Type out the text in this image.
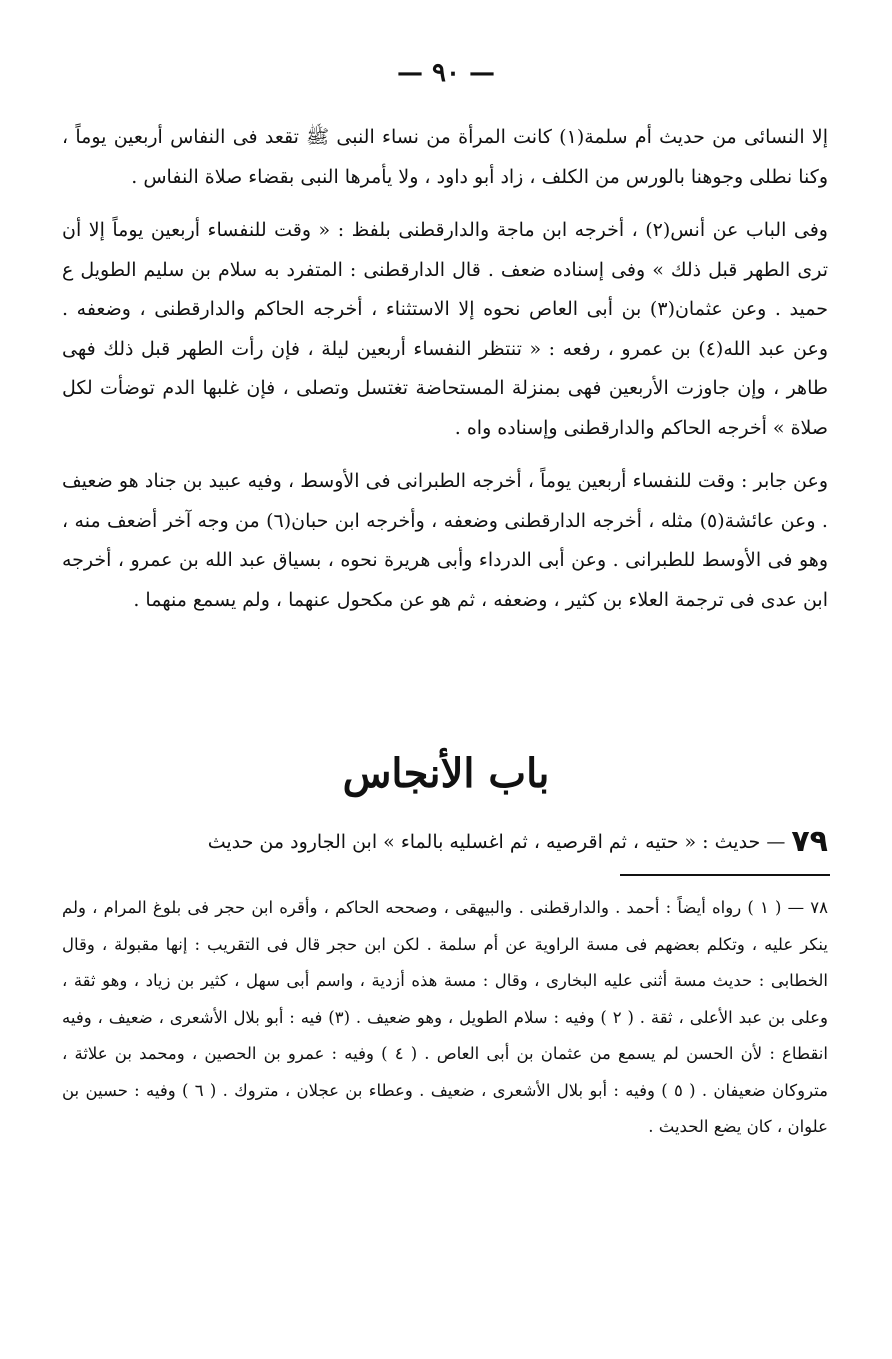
— ٩٠ —

إلا النسائى من حديث أم سلمة(١) كانت المرأة من نساء النبى ﷺ تقعد فى النفاس أربعين يوماً ، وكنا نطلى وجوهنا بالورس من الكلف ، زاد أبو داود ، ولا يأمرها النبى بقضاء صلاة النفاس .

وفى الباب عن أنس(٢) ، أخرجه ابن ماجة والدارقطنى بلفظ : « وقت للنفساء أربعين يوماً إلا أن ترى الطهر قبل ذلك » وفى إسناده ضعف . قال الدارقطنى : المتفرد به سلام بن سليم الطويل ع حميد . وعن عثمان(٣) بن أبى العاص نحوه إلا الاستثناء ، أخرجه الحاكم والدارقطنى ، وضعفه . وعن عبد الله(٤) بن عمرو ، رفعه : « تنتظر النفساء أربعين ليلة ، فإن رأت الطهر قبل ذلك فهى طاهر ، وإن جاوزت الأربعين فهى بمنزلة المستحاضة تغتسل وتصلى ، فإن غلبها الدم توضأت لكل صلاة » أخرجه الحاكم والدارقطنى وإسناده واه .

وعن جابر : وقت للنفساء أربعين يوماً ، أخرجه الطبرانى فى الأوسط ، وفيه عبيد بن جناد هو ضعيف . وعن عائشة(٥) مثله ، أخرجه الدارقطنى وضعفه ، وأخرجه ابن حبان(٦) من وجه آخر أضعف منه ، وهو فى الأوسط للطبرانى . وعن أبى الدرداء وأبى هريرة نحوه ، بسياق عبد الله بن عمرو ، أخرجه ابن عدى فى ترجمة العلاء بن كثير ، وضعفه ، ثم هو عن مكحول عنهما ، ولم يسمع منهما .

باب الأنجاس
٧٩ — حديث : « حتيه ، ثم اقرصيه ، ثم اغسليه بالماء » ابن الجارود من حديث

٧٨ — ( ١ ) رواه أيضاً : أحمد . والدارقطنى . والبيهقى ، وصححه الحاكم ، وأقره ابن حجر فى بلوغ المرام ، ولم ينكر عليه ، وتكلم بعضهم فى مسة الراوية عن أم سلمة . لكن ابن حجر قال فى التقريب : إنها مقبولة ، وقال الخطابى : حديث مسة أثنى عليه البخارى ، وقال : مسة هذه أزدية ، واسم أبى سهل ، كثير بن زياد ، وهو ثقة ، وعلى بن عبد الأعلى ، ثقة . ( ٢ ) وفيه : سلام الطويل ، وهو ضعيف . (٣) فيه : أبو بلال الأشعرى ، ضعيف ، وفيه انقطاع : لأن الحسن لم يسمع من عثمان بن أبى العاص . ( ٤ ) وفيه : عمرو بن الحصين ، ومحمد بن علاثة ، متروكان ضعيفان . ( ٥ ) وفيه : أبو بلال الأشعرى ، ضعيف . وعطاء بن عجلان ، متروك . ( ٦ ) وفيه : حسين بن علوان ، كان يضع الحديث .
